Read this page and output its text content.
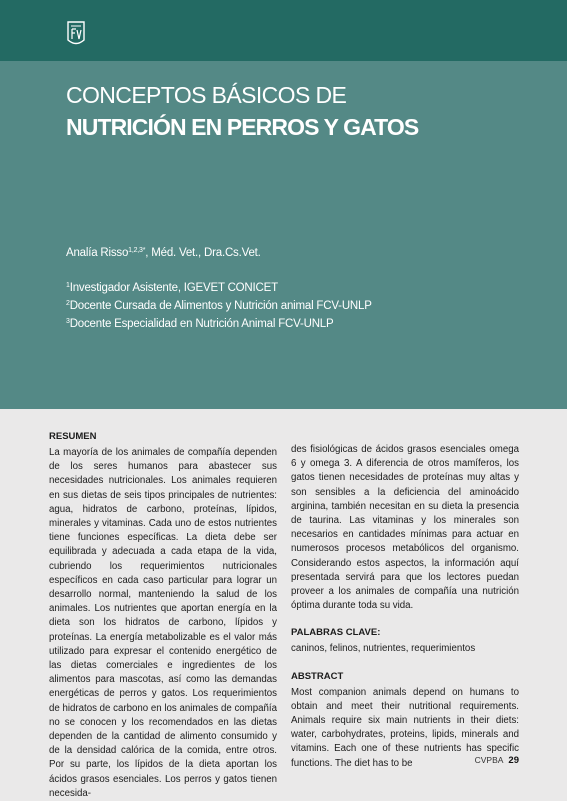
CONCEPTOS BÁSICOS DE
NUTRICIÓN EN PERROS Y GATOS
Analía Risso$^{1,2,3*}$, Méd. Vet., Dra.Cs.Vet.
$^1$Investigador Asistente, IGEVET CONICET
$^2$Docente Cursada de Alimentos y Nutrición animal FCV-UNLP
$^3$Docente Especialidad en Nutrición Animal FCV-UNLP
RESUMEN

La mayoría de los animales de compañía dependen de los seres humanos para abastecer sus necesidades nutricionales. Los animales requieren en sus dietas de seis tipos principales de nutrientes: agua, hidratos de carbono, proteínas, lípidos, minerales y vitaminas. Cada uno de estos nutrientes tiene funciones específicas. La dieta debe ser equilibrada y adecuada a cada etapa de la vida, cubriendo los requerimientos nutricionales específicos en cada caso particular para lograr un desarrollo normal, manteniendo la salud de los animales. Los nutrientes que aportan energía en la dieta son los hidratos de carbono, lípidos y proteínas. La energía metabolizable es el valor más utilizado para expresar el contenido energético de las dietas comerciales e ingredientes de los alimentos para mascotas, así como las demandas energéticas de perros y gatos. Los requerimientos de hidratos de carbono en los animales de compañía no se conocen y los recomendados en las dietas dependen de la cantidad de alimento consumido y de la densidad calórica de la comida, entre otros. Por su parte, los lípidos de la dieta aportan los ácidos grasos esenciales. Los perros y gatos tienen necesida-

des fisiológicas de ácidos grasos esenciales omega 6 y omega 3. A diferencia de otros mamíferos, los gatos tienen necesidades de proteínas muy altas y son sensibles a la deficiencia del aminoácido arginina, también necesitan en su dieta la presencia de taurina. Las vitaminas y los minerales son necesarios en cantidades mínimas para actuar en numerosos procesos metabólicos del organismo. Considerando estos aspectos, la información aquí presentada servirá para que los lectores puedan proveer a los animales de compañía una nutrición óptima durante toda su vida.

PALABRAS CLAVE:

caninos, felinos, nutrientes, requerimientos

ABSTRACT

Most companion animals depend on humans to obtain and meet their nutritional requirements. Animals require six main nutrients in their diets: water, carbohydrates, proteins, lipids, minerals and vitamins. Each one of these nutrients has specific functions. The diet has to be	CVPBA 29
